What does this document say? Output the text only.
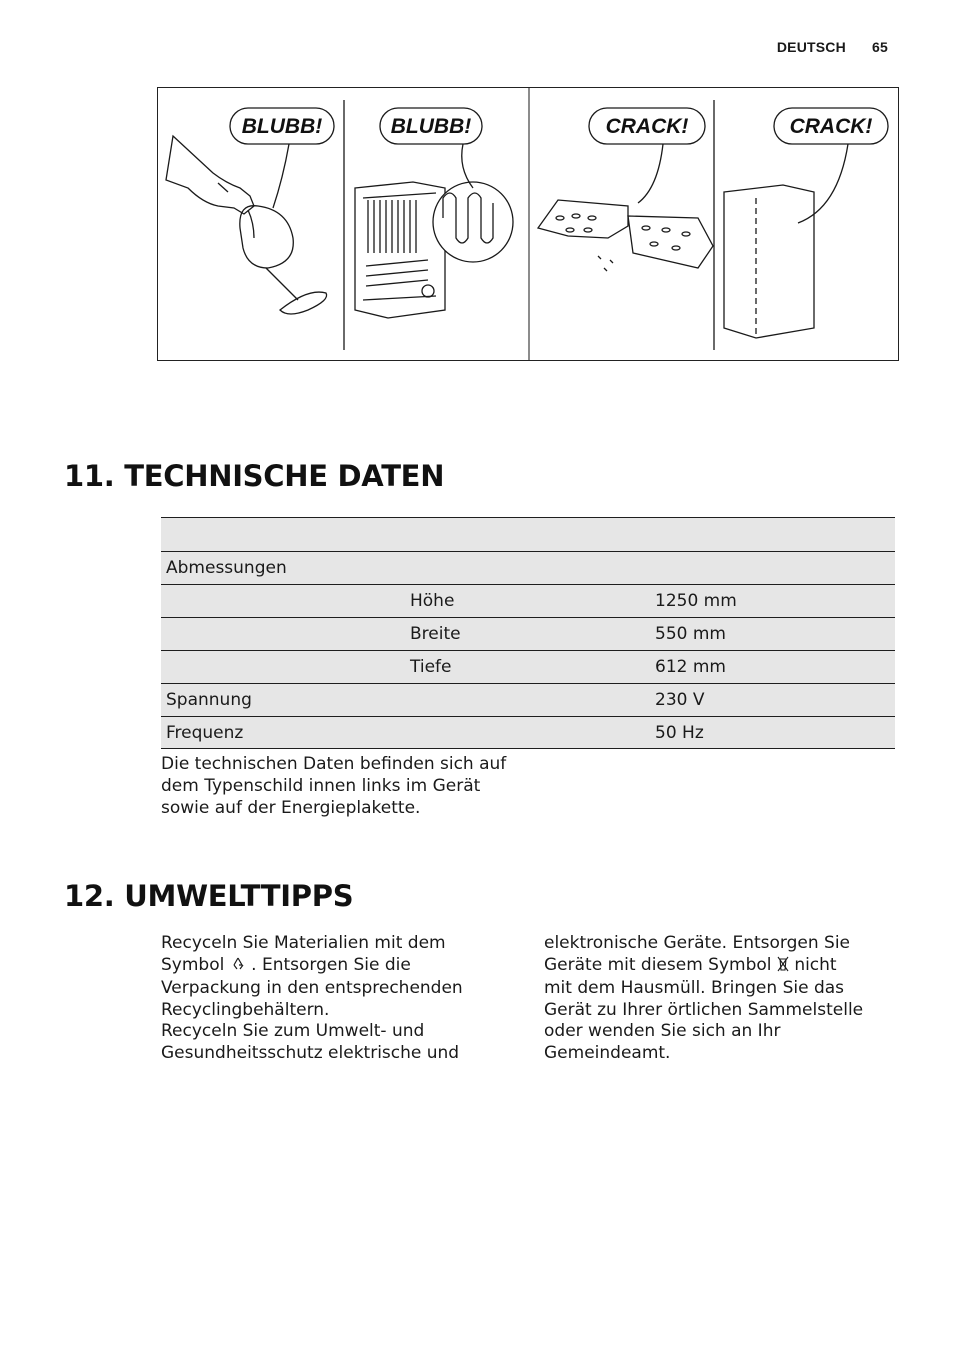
DEUTSCH 65
BLUBB!	BLUBB!	CRACK!	CRACK!
11. TECHNISCHE DATEN
Abmessungen
Höhe	1250 mm
Breite	550 mm
Tiefe	612 mm
Spannung	230 V
Frequenz	50 Hz
Die technischen Daten befinden sich auf
dem Typenschild innen links im Gerät
sowie auf der Energieplakette.
12. UMWELTTIPPS

Recyceln Sie Materialien mit dem

Symbol . Entsorgen Sie die

Verpackung in den entsprechenden

Recyclingbehältern.

Recyceln Sie zum Umwelt- und

Gesundheitsschutz elektrische und

elektronische Geräte. Entsorgen Sie

Geräte mit diesem Symbol nicht

mit dem Hausmüll. Bringen Sie das

Gerät zu Ihrer örtlichen Sammelstelle

oder wenden Sie sich an Ihr

Gemeindeamt.
